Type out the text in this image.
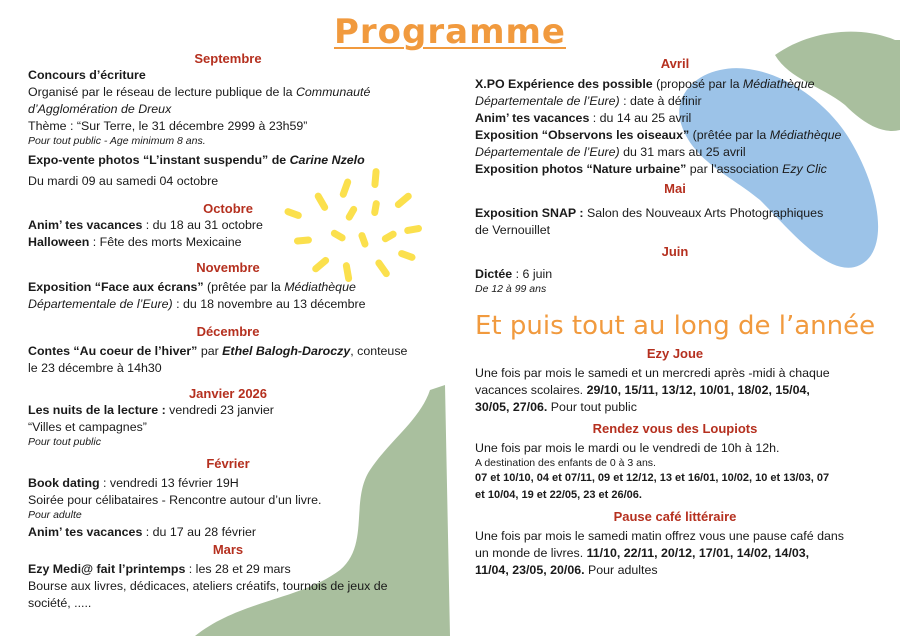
Programme

Septembre

Concours d’écriture

Organisé par le réseau de lecture publique de la Communauté

d’Agglomération de Dreux

Thème : “Sur Terre, le 31 décembre 2999 à 23h59”

Pour tout public - Age minimum 8 ans.

Expo-vente photos “L’instant suspendu” de Carine Nzelo

Du mardi 09 au samedi 04 octobre

Octobre

Anim’ tes vacances : du 18 au 31 octobre

Halloween : Fête des morts Mexicaine

Novembre

Exposition “Face aux écrans” (prêtée par la Médiathèque

Départementale de l’Eure) : du 18 novembre au 13 décembre

Décembre

Contes “Au coeur de l’hiver” par Ethel Balogh-Daroczy, conteuse

le 23 décembre à 14h30

Janvier 2026

Les nuits de la lecture : vendredi 23 janvier

“Villes et campagnes”

Pour tout public

Février

Book dating : vendredi 13 février 19H

Soirée pour célibataires - Rencontre autour d’un livre.

Pour adulte

Anim’ tes vacances : du 17 au 28 février

Mars

Ezy Medi@ fait l’printemps : les 28 et 29 mars

Bourse aux livres, dédicaces, ateliers créatifs, tournois de jeux de

société, .....

Avril

X.PO Expérience des possible (proposé par la Médiathèque

Départementale de l’Eure) : date à définir

Anim’ tes vacances : du 14 au 25 avril

Exposition “Observons les oiseaux” (prêtée par la Médiathèque

Départementale de l’Eure) du 31 mars au 25 avril

Exposition photos “Nature urbaine” par l’association Ezy Clic

Mai

Exposition SNAP : Salon des Nouveaux Arts Photographiques

de Vernouillet

Juin

Dictée : 6 juin

De 12 à 99 ans

Et puis tout au long de l’année

Ezy Joue

Une fois par mois le samedi et un mercredi après -midi à chaque

vacances scolaires. 29/10, 15/11, 13/12, 10/01, 18/02, 15/04,

30/05, 27/06. Pour tout public

Rendez vous des Loupiots

Une fois par mois le mardi ou le vendredi de 10h à 12h.

A destination des enfants de 0 à 3 ans.

07 et 10/10, 04 et 07/11, 09 et 12/12, 13 et 16/01, 10/02, 10 et 13/03, 07

et 10/04, 19 et 22/05, 23 et 26/06.

Pause café littéraire

Une fois par mois le samedi matin offrez vous une pause café dans

un monde de livres. 11/10, 22/11, 20/12, 17/01, 14/02, 14/03,

11/04, 23/05, 20/06. Pour adultes
